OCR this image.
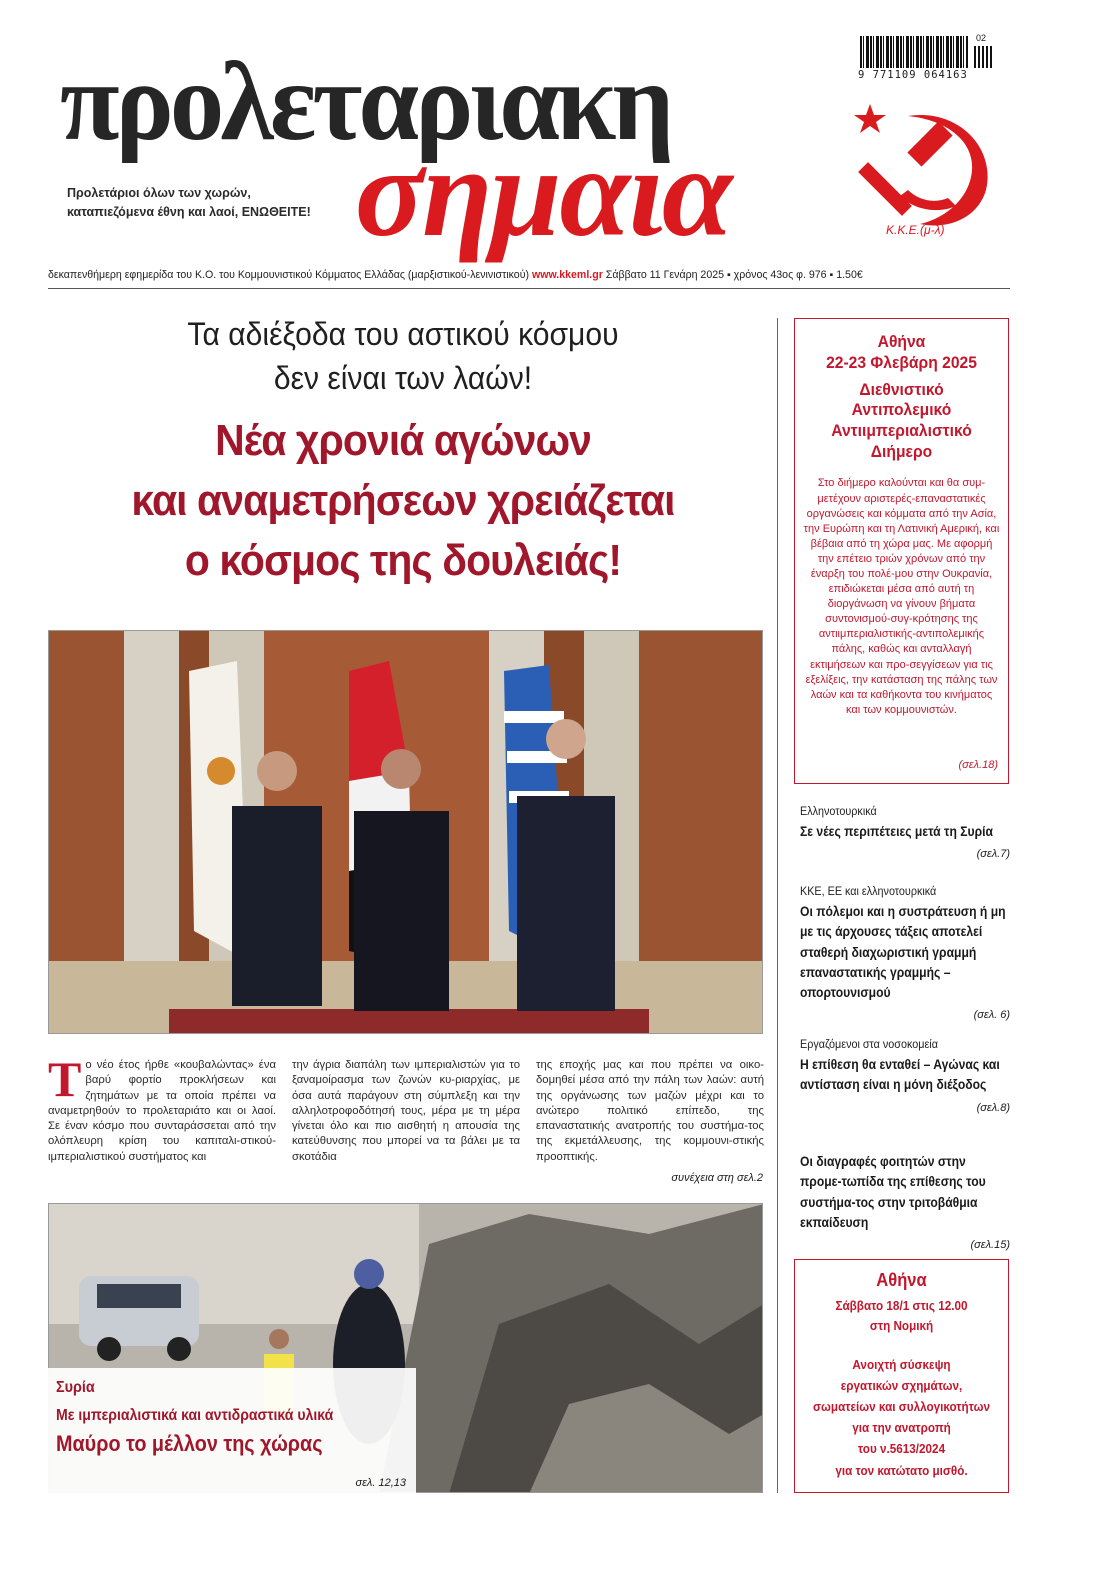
προλεταριακη
σημαια
Προλετάριοι όλων των χωρών,
καταπιεζόμενα έθνη και λαοί, ΕΝΩΘΕΙΤΕ!
02
9 771109 064163
Κ.Κ.Ε.(μ-λ)
δεκαπενθήμερη εφημερίδα του Κ.Ο. του Κομμουνιστικού Κόμματος Ελλάδας (μαρξιστικού-λενινιστικού) www.kkeml.gr Σάββατο 11 Γενάρη 2025 ▪ χρόνος 43ος φ. 976 ▪ 1.50€
Τα αδιέξοδα του αστικού κόσμου
δεν είναι των λαών!
Νέα χρονιά αγώνων
και αναμετρήσεων χρειάζεται
ο κόσμος της δουλειάς!
Τ ο νέο έτος ήρθε «κουβαλώντας» ένα βαρύ φορτίο προκλήσεων και ζητημάτων με τα οποία πρέπει να αναμετρηθούν το προλεταριάτο και οι λαοί. Σε έναν κόσμο που συνταράσσεται από την ολόπλευρη κρίση του καπιταλι-στικού-ιμπεριαλιστικού συστήματος και
την άγρια διαπάλη των ιμπεριαλιστών για το ξαναμοίρασμα των ζωνών κυ-ριαρχίας, με όσα αυτά παράγουν στη σύμπλεξη και την αλληλοτροφοδότησή τους, μέρα με τη μέρα γίνεται όλο και πιο αισθητή η απουσία της κατεύθυνσης που μπορεί να τα βάλει με τα σκοτάδια
της εποχής μας και που πρέπει να οικο-δομηθεί μέσα από την πάλη των λαών: αυτή της οργάνωσης των μαζών μέχρι και το ανώτερο πολιτικό επίπεδο, της επαναστατικής ανατροπής του συστήμα-τος της εκμετάλλευσης, της κομμουνι-στικής προοπτικής.
συνέχεια στη σελ.2
Συρία
Με ιμπεριαλιστικά και αντιδραστικά υλικά
Μαύρο το μέλλον της χώρας
σελ. 12,13
Αθήνα
22-23 Φλεβάρη 2025
Διεθνιστικό
Αντιπολεμικό
Αντιιμπεριαλιστικό
Διήμερο
Στο διήμερο καλούνται και θα συμ-μετέχουν αριστερές-επαναστατικές οργανώσεις και κόμματα από την Ασία, την Ευρώπη και τη Λατινική Αμερική, και βέβαια από τη χώρα μας. Με αφορμή την επέτειο τριών χρόνων από την έναρξη του πολέ-μου στην Ουκρανία, επιδιώκεται μέσα από αυτή τη διοργάνωση να γίνουν βήματα συντονισμού-συγ-κρότησης της αντιιμπεριαλιστικής-αντιπολεμικής πάλης, καθώς και ανταλλαγή εκτιμήσεων και προ-σεγγίσεων για τις εξελίξεις, την κατάσταση της πάλης των λαών και τα καθήκοντα του κινήματος και των κομμουνιστών.
(σελ.18)
Ελληνοτουρκικά
Σε νέες περιπέτειες μετά τη Συρία
(σελ.7)
ΚΚΕ, ΕΕ και ελληνοτουρκικά
Οι πόλεμοι και η συστράτευση ή μη με τις άρχουσες τάξεις αποτελεί σταθερή διαχωριστική γραμμή επαναστατικής γραμμής – οπορτουνισμού
(σελ. 6)
Εργαζόμενοι στα νοσοκομεία
Η επίθεση θα ενταθεί – Αγώνας και αντίσταση είναι η μόνη διέξοδος
(σελ.8)
Οι διαγραφές φοιτητών στην προμε-τωπίδα της επίθεσης του συστήμα-τος στην τριτοβάθμια εκπαίδευση
(σελ.15)
Αθήνα
Σάββατο 18/1 στις 12.00
στη Νομική
Ανοιχτή σύσκεψη
εργατικών σχημάτων,
σωματείων και συλλογικοτήτων
για την ανατροπή
του ν.5613/2024
για τον κατώτατο μισθό.
